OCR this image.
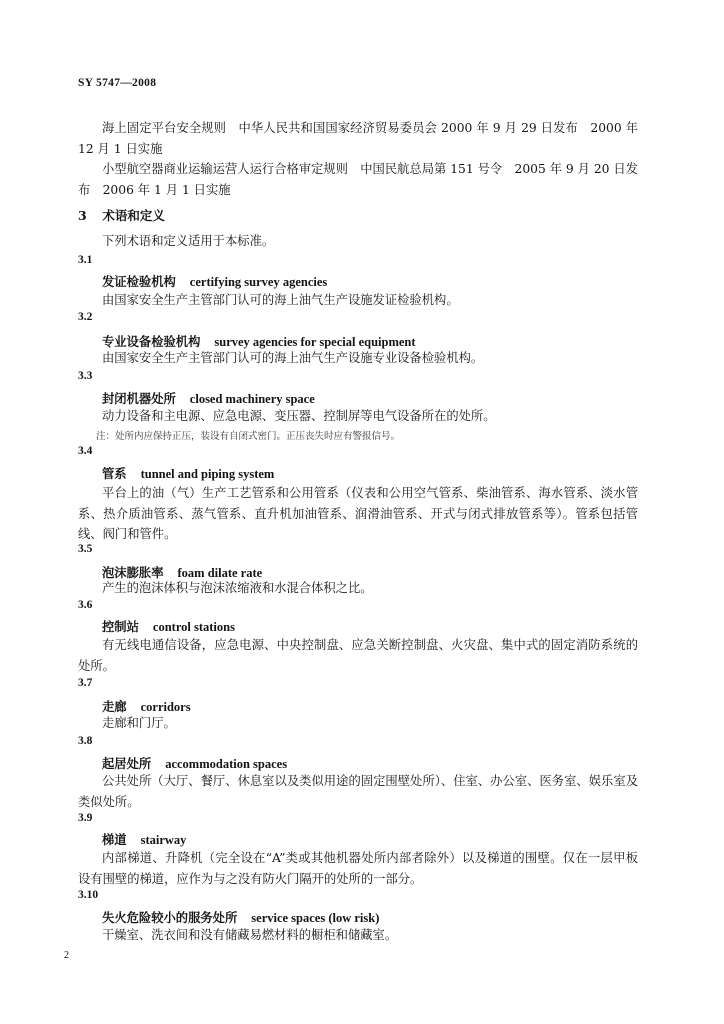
SY 5747—2008

海上固定平台安全规则　中华人民共和国国家经济贸易委员会 2000 年 9 月 29 日发布　2000 年 12 月 1 日实施

小型航空器商业运输运营人运行合格审定规则　中国民航总局第 151 号令　2005 年 9 月 20 日发布　2006 年 1 月 1 日实施

3 术语和定义

下列术语和定义适用于本标准。

3.1
发证检验机构 certifying survey agencies

由国家安全生产主管部门认可的海上油气生产设施发证检验机构。

3.2
专业设备检验机构 survey agencies for special equipment

由国家安全生产主管部门认可的海上油气生产设施专业设备检验机构。

3.3
封闭机器处所 closed machinery space

动力设备和主电源、应急电源、变压器、控制屏等电气设备所在的处所。

注：处所内应保持正压，装设有自闭式密门。正压丧失时应有警报信号。
3.4
管系 tunnel and piping system

平台上的油（气）生产工艺管系和公用管系（仪表和公用空气管系、柴油管系、海水管系、淡水管系、热介质油管系、蒸气管系、直升机加油管系、润滑油管系、开式与闭式排放管系等）。管系包括管线、阀门和管件。

3.5
泡沫膨胀率 foam dilate rate

产生的泡沫体积与泡沫浓缩液和水混合体积之比。

3.6
控制站 control stations

有无线电通信设备，应急电源、中央控制盘、应急关断控制盘、火灾盘、集中式的固定消防系统的处所。

3.7
走廊 corridors

走廊和门厅。

3.8
起居处所 accommodation spaces

公共处所（大厅、餐厅、休息室以及类似用途的固定围壁处所）、住室、办公室、医务室、娱乐室及类似处所。

3.9
梯道 stairway

内部梯道、升降机（完全设在“A”类或其他机器处所内部者除外）以及梯道的围壁。仅在一层甲板设有围壁的梯道，应作为与之没有防火门隔开的处所的一部分。

3.10
失火危险较小的服务处所 service spaces (low risk)

干燥室、洗衣间和没有储藏易燃材料的橱柜和储藏室。

2
